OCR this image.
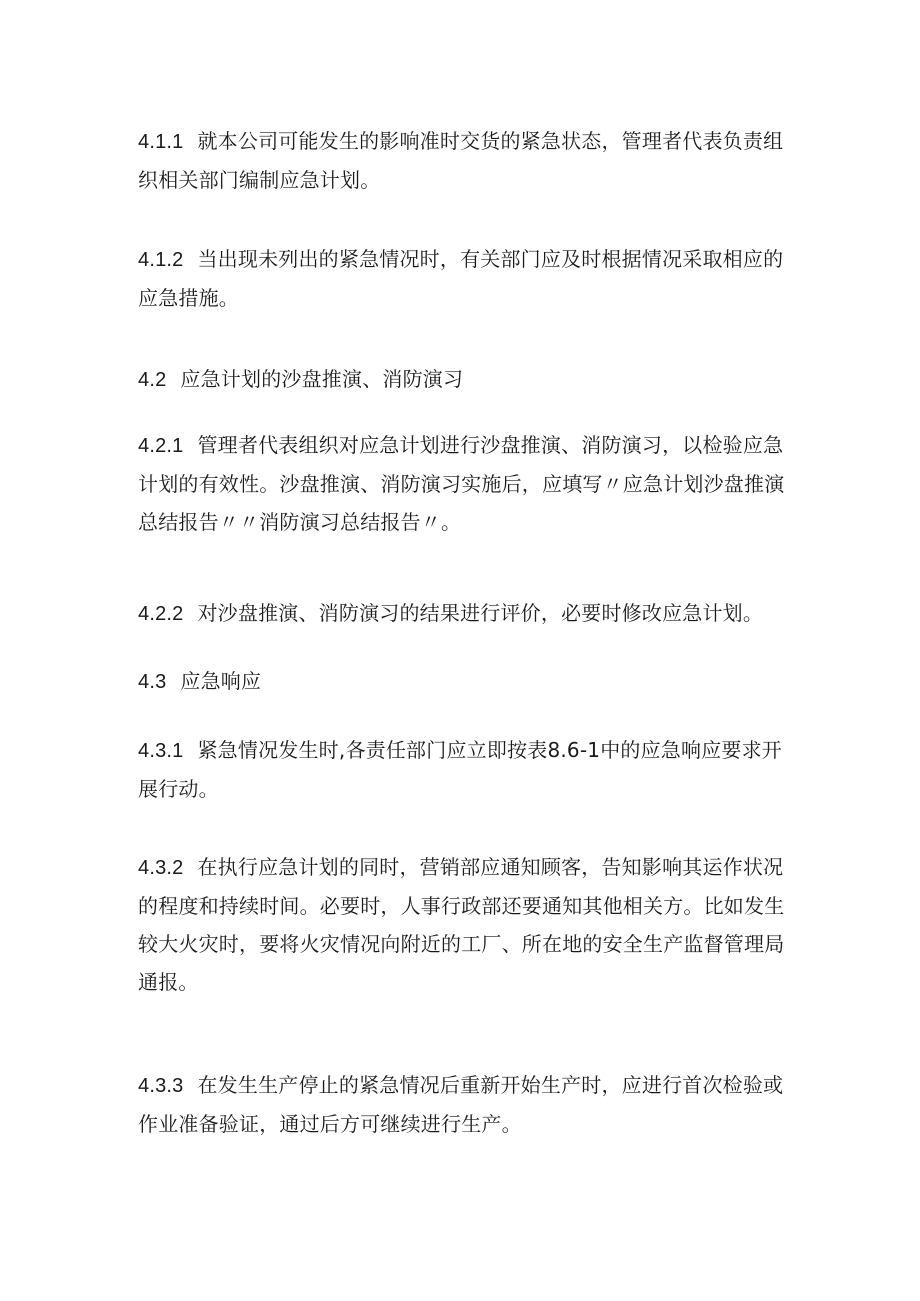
4.1.1 就本公司可能发生的影响准时交货的紧急状态，管理者代表负责组织相关部门编制应急计划。

4.1.2 当出现未列出的紧急情况时，有关部门应及时根据情况采取相应的应急措施。

4.2 应急计划的沙盘推演、消防演习

4.2.1 管理者代表组织对应急计划进行沙盘推演、消防演习，以检验应急计划的有效性。沙盘推演、消防演习实施后，应填写〃应急计划沙盘推演总结报告〃〃消防演习总结报告〃。

4.2.2 对沙盘推演、消防演习的结果进行评价，必要时修改应急计划。

4.3 应急响应

4.3.1 紧急情况发生时,各责任部门应立即按表8.6-1中的应急响应要求开展行动。

4.3.2 在执行应急计划的同时，营销部应通知顾客，告知影响其运作状况的程度和持续时间。必要时，人事行政部还要通知其他相关方。比如发生较大火灾时，要将火灾情况向附近的工厂、所在地的安全生产监督管理局通报。

4.3.3 在发生生产停止的紧急情况后重新开始生产时，应进行首次检验或作业准备验证，通过后方可继续进行生产。
